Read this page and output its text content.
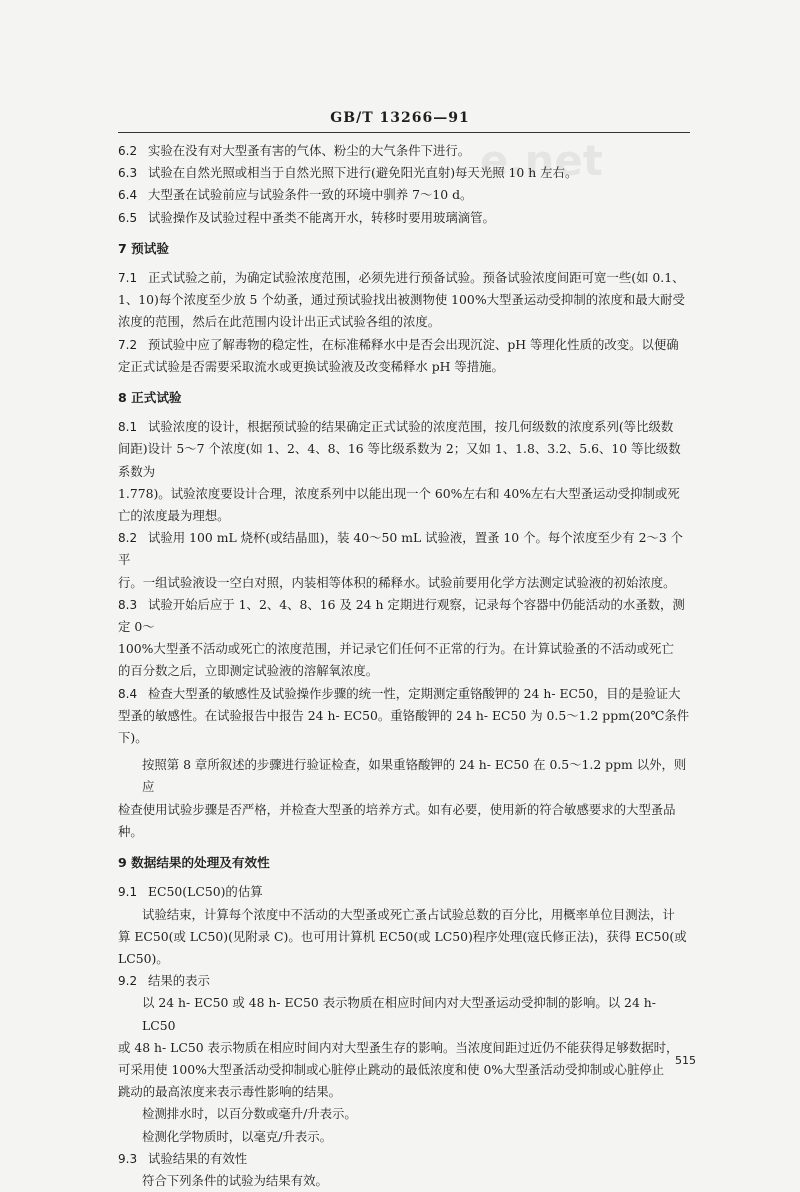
e.net
GB/T 13266—91

6.2 实验在没有对大型蚤有害的气体、粉尘的大气条件下进行。

6.3 试验在自然光照或相当于自然光照下进行(避免阳光直射)每天光照 10 h 左右。

6.4 大型蚤在试验前应与试验条件一致的环境中驯养 7～10 d。

6.5 试验操作及试验过程中蚤类不能离开水，转移时要用玻璃滴管。

7 预试验

7.1 正式试验之前，为确定试验浓度范围，必须先进行预备试验。预备试验浓度间距可宽一些(如 0.1、

1、10)每个浓度至少放 5 个幼蚤，通过预试验找出被测物使 100%大型蚤运动受抑制的浓度和最大耐受

浓度的范围，然后在此范围内设计出正式试验各组的浓度。

7.2 预试验中应了解毒物的稳定性，在标准稀释水中是否会出现沉淀、pH 等理化性质的改变。以便确

定正式试验是否需要采取流水或更换试验液及改变稀释水 pH 等措施。

8 正式试验

8.1 试验浓度的设计，根据预试验的结果确定正式试验的浓度范围，按几何级数的浓度系列(等比级数

间距)设计 5～7 个浓度(如 1、2、4、8、16 等比级系数为 2；又如 1、1.8、3.2、5.6、10 等比级数系数为

1.778)。试验浓度要设计合理，浓度系列中以能出现一个 60%左右和 40%左右大型蚤运动受抑制或死

亡的浓度最为理想。

8.2 试验用 100 mL 烧杯(或结晶皿)，装 40～50 mL 试验液，置蚤 10 个。每个浓度至少有 2～3 个平

行。一组试验液设一空白对照，内装相等体积的稀释水。试验前要用化学方法测定试验液的初始浓度。

8.3 试验开始后应于 1、2、4、8、16 及 24 h 定期进行观察，记录每个容器中仍能活动的水蚤数，测定 0～

100%大型蚤不活动或死亡的浓度范围，并记录它们任何不正常的行为。在计算试验蚤的不活动或死亡

的百分数之后，立即测定试验液的溶解氧浓度。

8.4 检查大型蚤的敏感性及试验操作步骤的统一性，定期测定重铬酸钾的 24 h- EC50，目的是验证大

型蚤的敏感性。在试验报告中报告 24 h- EC50。重铬酸钾的 24 h- EC50 为 0.5～1.2 ppm(20℃条件

下)。

按照第 8 章所叙述的步骤进行验证检查，如果重铬酸钾的 24 h- EC50 在 0.5～1.2 ppm 以外，则应

检查使用试验步骤是否严格，并检查大型蚤的培养方式。如有必要，使用新的符合敏感要求的大型蚤品

种。

9 数据结果的处理及有效性

9.1 EC50(LC50)的估算

试验结束，计算每个浓度中不活动的大型蚤或死亡蚤占试验总数的百分比，用概率单位目测法，计

算 EC50(或 LC50)(见附录 C)。也可用计算机 EC50(或 LC50)程序处理(寇氏修正法)，获得 EC50(或

LC50)。

9.2 结果的表示

以 24 h- EC50 或 48 h- EC50 表示物质在相应时间内对大型蚤运动受抑制的影响。以 24 h- LC50

或 48 h- LC50 表示物质在相应时间内对大型蚤生存的影响。当浓度间距过近仍不能获得足够数据时，

可采用使 100%大型蚤活动受抑制或心脏停止跳动的最低浓度和使 0%大型蚤活动受抑制或心脏停止

跳动的最高浓度来表示毒性影响的结果。

检测排水时，以百分数或毫升/升表示。

检测化学物质时，以毫克/升表示。

9.3 试验结果的有效性

符合下列条件的试验为结果有效。

515
